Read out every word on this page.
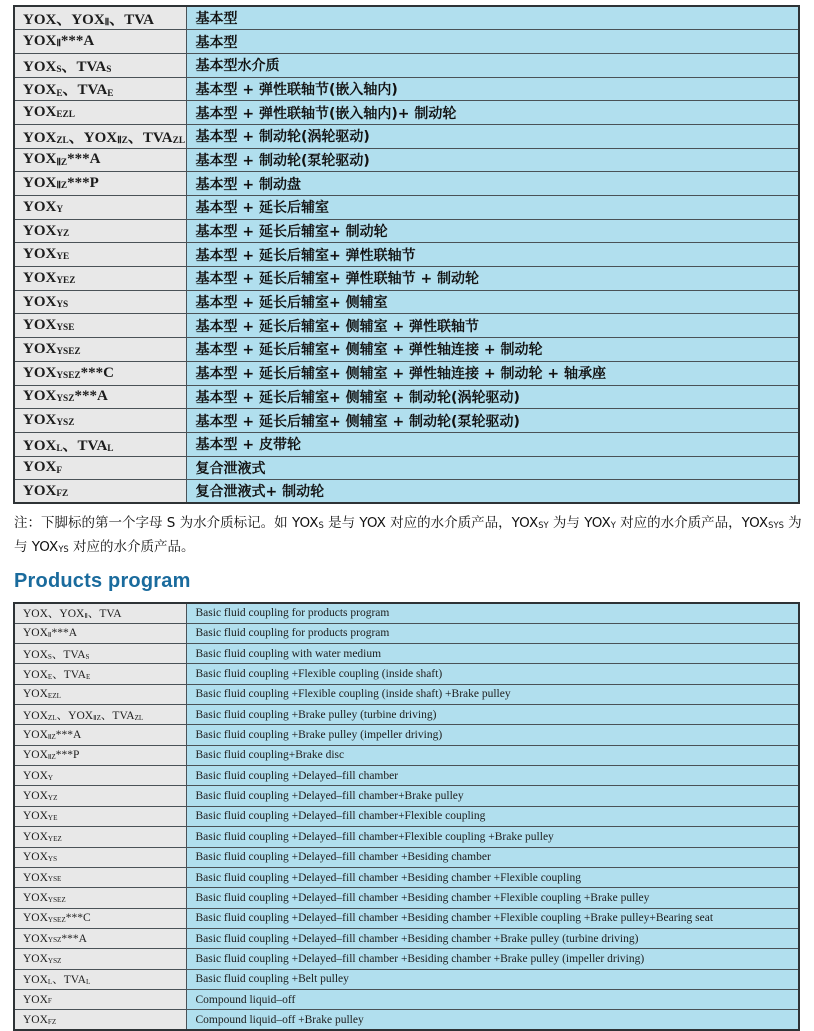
YOX、$YOX_Ⅱ$、TVA	基本型
$YOX_Ⅱ***A$	基本型
$YOX_S$、$TVA_S$	基本型水介质
$YOX_E$、$TVA_E$	基本型 + 弹性联轴节(嵌入轴内)
$YOX_{EZL}$	基本型 + 弹性联轴节(嵌入轴内)+ 制动轮
$YOX_{ZL}$、$YOX_{ⅡZ}$、$TVA_{ZL}$	基本型 + 制动轮(涡轮驱动)
$YOX_{ⅡZ}***A$	基本型 + 制动轮(泵轮驱动)
$YOX_{ⅡZ}***P$	基本型 + 制动盘
$YOX_Y$	基本型 + 延长后辅室
$YOX_{YZ}$	基本型 + 延长后辅室+ 制动轮
$YOX_{YE}$	基本型 + 延长后辅室+ 弹性联轴节
$YOX_{YEZ}$	基本型 + 延长后辅室+ 弹性联轴节 + 制动轮
$YOX_{YS}$	基本型 + 延长后辅室+ 侧辅室
$YOX_{YSE}$	基本型 + 延长后辅室+ 侧辅室 + 弹性联轴节
$YOX_{YSEZ}$	基本型 + 延长后辅室+ 侧辅室 + 弹性轴连接 + 制动轮
$YOX_{YSEZ}***C$	基本型 + 延长后辅室+ 侧辅室 + 弹性轴连接 + 制动轮 + 轴承座
$YOX_{YSZ}***A$	基本型 + 延长后辅室+ 侧辅室 + 制动轮(涡轮驱动)
$YOX_{YSZ}$	基本型 + 延长后辅室+ 侧辅室 + 制动轮(泵轮驱动)
$YOX_L$、$TVA_L$	基本型 + 皮带轮
$YOX_F$	复合泄液式
$YOX_{FZ}$	复合泄液式+ 制动轮

注：下脚标的第一个字母 S 为水介质标记。如 $YOX_S$ 是与 YOX 对应的水介质产品，$YOX_{SY}$ 为与 $YOX_Y$ 对应的水介质产品，$YOX_{SYS}$ 为与 $YOX_{YS}$ 对应的水介质产品。

Products program
YOX、$YOX_Ⅱ$、TVA	Basic fluid coupling for products program
$YOX_Ⅱ***A$	Basic fluid coupling for products program
$YOX_S$、$TVA_S$	Basic fluid coupling with water medium
$YOX_E$、$TVA_E$	Basic fluid coupling +Flexible coupling (inside shaft)
$YOX_{EZL}$	Basic fluid coupling +Flexible coupling (inside shaft) +Brake pulley
$YOX_{ZL}$、$YOX_{ⅡZ}$、$TVA_{ZL}$	Basic fluid coupling +Brake pulley (turbine driving)
$YOX_{ⅡZ}***A$	Basic fluid coupling +Brake pulley (impeller driving)
$YOX_{ⅡZ}***P$	Basic fluid coupling+Brake disc
$YOX_Y$	Basic fluid coupling +Delayed–fill chamber
$YOX_{YZ}$	Basic fluid coupling +Delayed–fill chamber+Brake pulley
$YOX_{YE}$	Basic fluid coupling +Delayed–fill chamber+Flexible coupling
$YOX_{YEZ}$	Basic fluid coupling +Delayed–fill chamber+Flexible coupling +Brake pulley
$YOX_{YS}$	Basic fluid coupling +Delayed–fill chamber +Besiding chamber
$YOX_{YSE}$	Basic fluid coupling +Delayed–fill chamber +Besiding chamber +Flexible coupling
$YOX_{YSEZ}$	Basic fluid coupling +Delayed–fill chamber +Besiding chamber +Flexible coupling +Brake pulley
$YOX_{YSEZ}***C$	Basic fluid coupling +Delayed–fill chamber +Besiding chamber +Flexible coupling +Brake pulley+Bearing seat
$YOX_{YSZ}***A$	Basic fluid coupling +Delayed–fill chamber +Besiding chamber +Brake pulley (turbine driving)
$YOX_{YSZ}$	Basic fluid coupling +Delayed–fill chamber +Besiding chamber +Brake pulley (impeller driving)
$YOX_L$、$TVA_L$	Basic fluid coupling +Belt pulley
$YOX_F$	Compound liquid–off
$YOX_{FZ}$	Compound liquid–off +Brake pulley
